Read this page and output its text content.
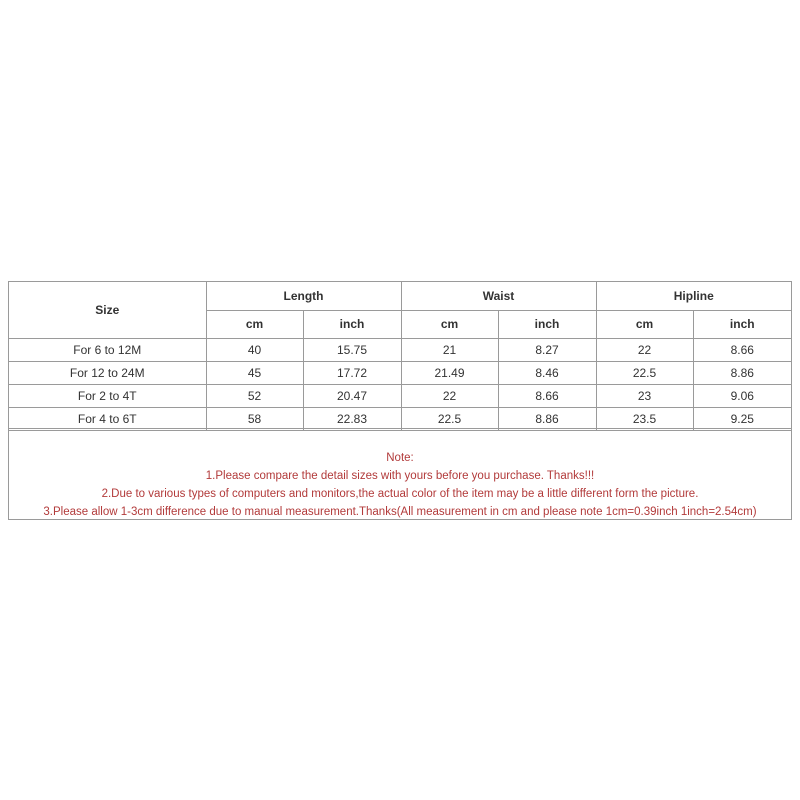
Size	Length		Waist		Hipline	
	cm	inch	cm	inch	cm	inch
For 6 to 12M	40	15.75	21	8.27	22	8.66
For 12 to 24M	45	17.72	21.49	8.46	22.5	8.86
For 2 to 4T	52	20.47	22	8.66	23	9.06
For 4 to 6T	58	22.83	22.5	8.86	23.5	9.25
Note:
1.Please compare the detail sizes with yours before you purchase. Thanks!!!
2.Due to various types of computers and monitors,the actual color of the item may be a little different form the picture.
3.Please allow 1-3cm difference due to manual measurement.Thanks(All measurement in cm and please note 1cm=0.39inch 1inch=2.54cm)
